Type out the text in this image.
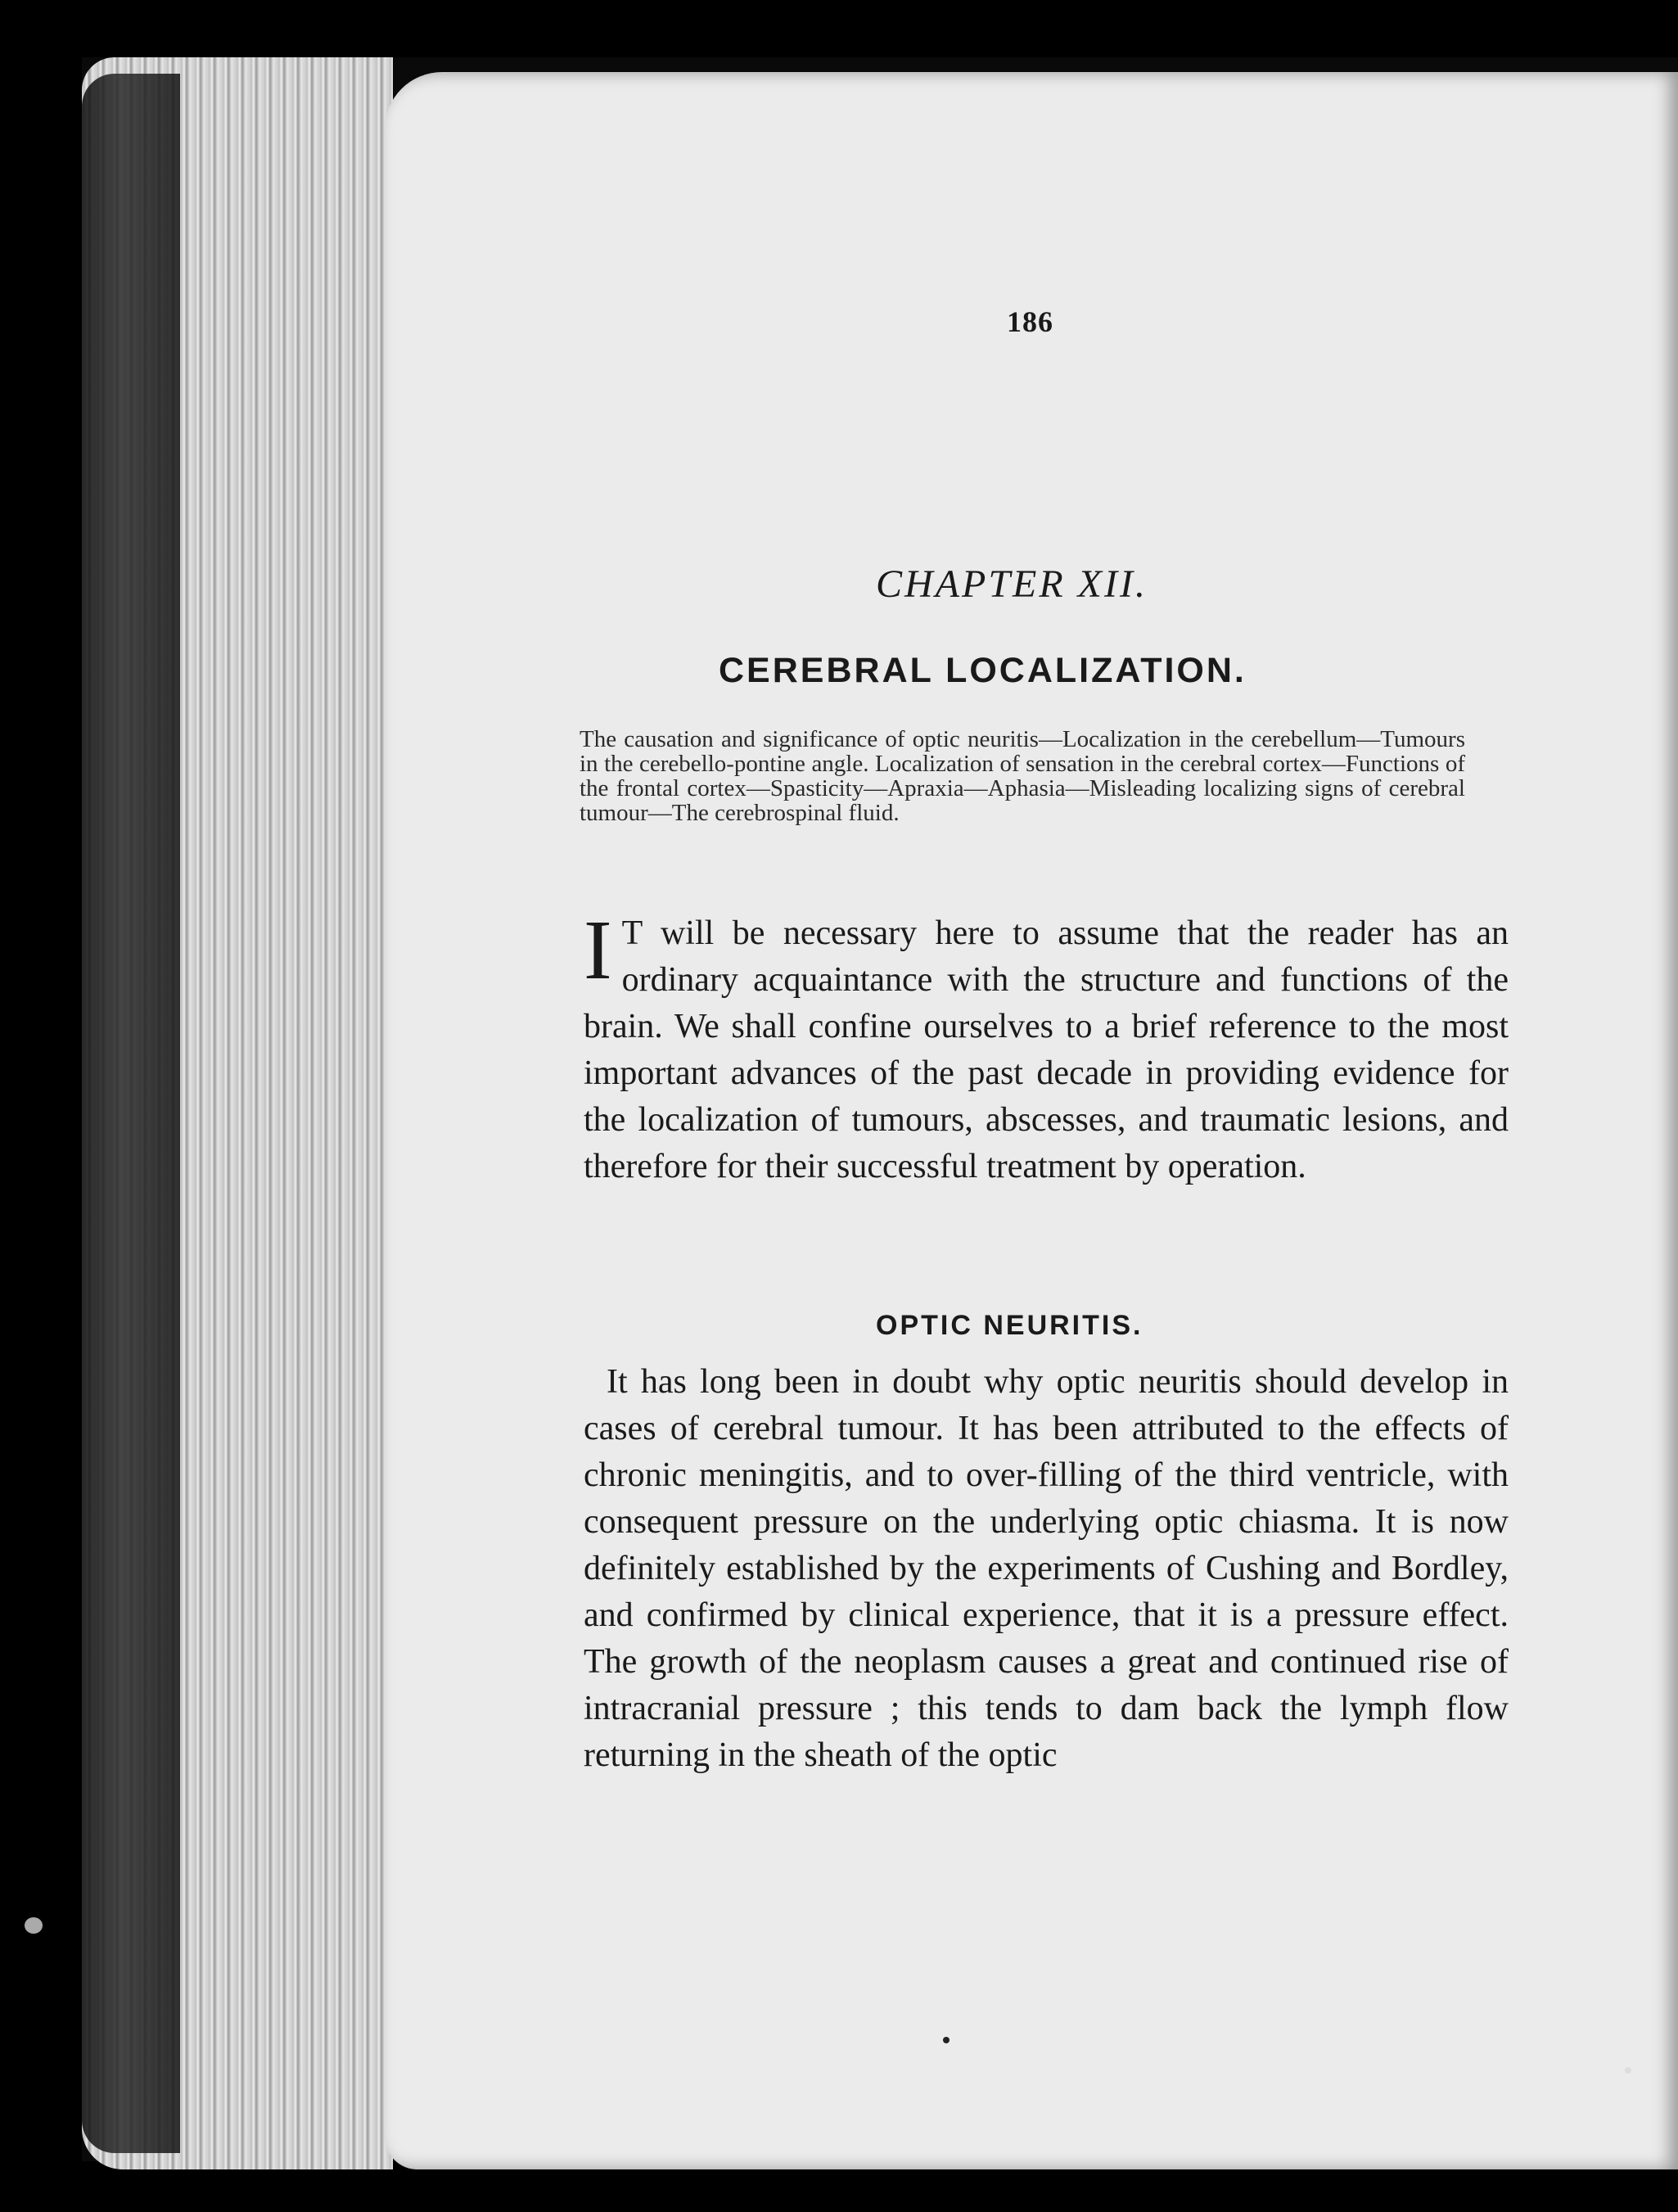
186
CHAPTER XII.
CEREBRAL LOCALIZATION.

The causation and significance of optic neuritis—Localization in the cerebellum—Tumours in the cerebello-pontine angle. Localization of sensation in the cerebral cortex—Functions of the frontal cortex—Spasticity—Apraxia—Aphasia—Misleading localizing signs of cerebral tumour—The cerebrospinal fluid.

I T will be necessary here to assume that the reader has an ordinary acquaintance with the structure and functions of the brain. We shall confine ourselves to a brief reference to the most important advances of the past decade in providing evidence for the localization of tumours, abscesses, and traumatic lesions, and therefore for their successful treatment by operation.
OPTIC NEURITIS.

It has long been in doubt why optic neuritis should develop in cases of cerebral tumour. It has been attributed to the effects of chronic meningitis, and to over-filling of the third ventricle, with consequent pressure on the underlying optic chiasma. It is now definitely established by the experiments of Cushing and Bordley, and confirmed by clinical experience, that it is a pressure effect. The growth of the neoplasm causes a great and continued rise of intracranial pressure ; this tends to dam back the lymph flow returning in the sheath of the optic
